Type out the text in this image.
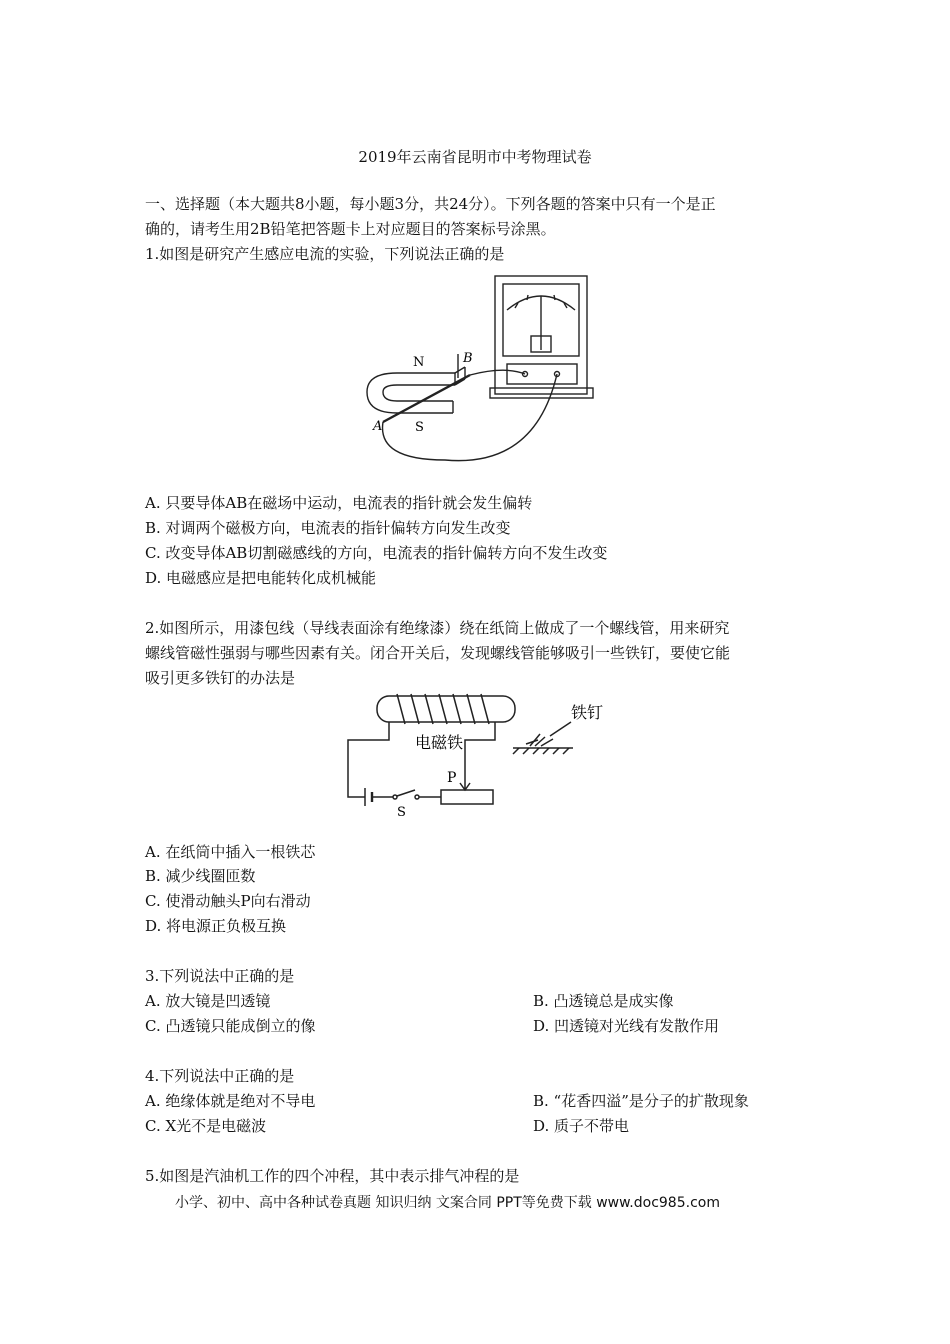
2019年云南省昆明市中考物理试卷
一、选择题（本大题共8小题，每小题3分，共24分）。下列各题的答案中只有一个是正
确的，请考生用2B铅笔把答题卡上对应题目的答案标号涂黑。
1.如图是研究产生感应电流的实验，下列说法正确的是
N
S
A
B
A. 只要导体AB在磁场中运动，电流表的指针就会发生偏转
B. 对调两个磁极方向，电流表的指针偏转方向发生改变
C. 改变导体AB切割磁感线的方向，电流表的指针偏转方向不发生改变
D. 电磁感应是把电能转化成机械能
2.如图所示，用漆包线（导线表面涂有绝缘漆）绕在纸筒上做成了一个螺线管，用来研究
螺线管磁性强弱与哪些因素有关。闭合开关后，发现螺线管能够吸引一些铁钉，要使它能
吸引更多铁钉的办法是
电磁铁
铁钉
P
S
A. 在纸筒中插入一根铁芯
B. 减少线圈匝数
C. 使滑动触头P向右滑动
D. 将电源正负极互换
3.下列说法中正确的是
A. 放大镜是凹透镜	B. 凸透镜总是成实像
C. 凸透镜只能成倒立的像	D. 凹透镜对光线有发散作用
4.下列说法中正确的是
A. 绝缘体就是绝对不导电	B. “花香四溢”是分子的扩散现象
C. X光不是电磁波	D. 质子不带电
5.如图是汽油机工作的四个冲程，其中表示排气冲程的是
小学、初中、高中各种试卷真题 知识归纳 文案合同 PPT等免费下载 www.doc985.com
